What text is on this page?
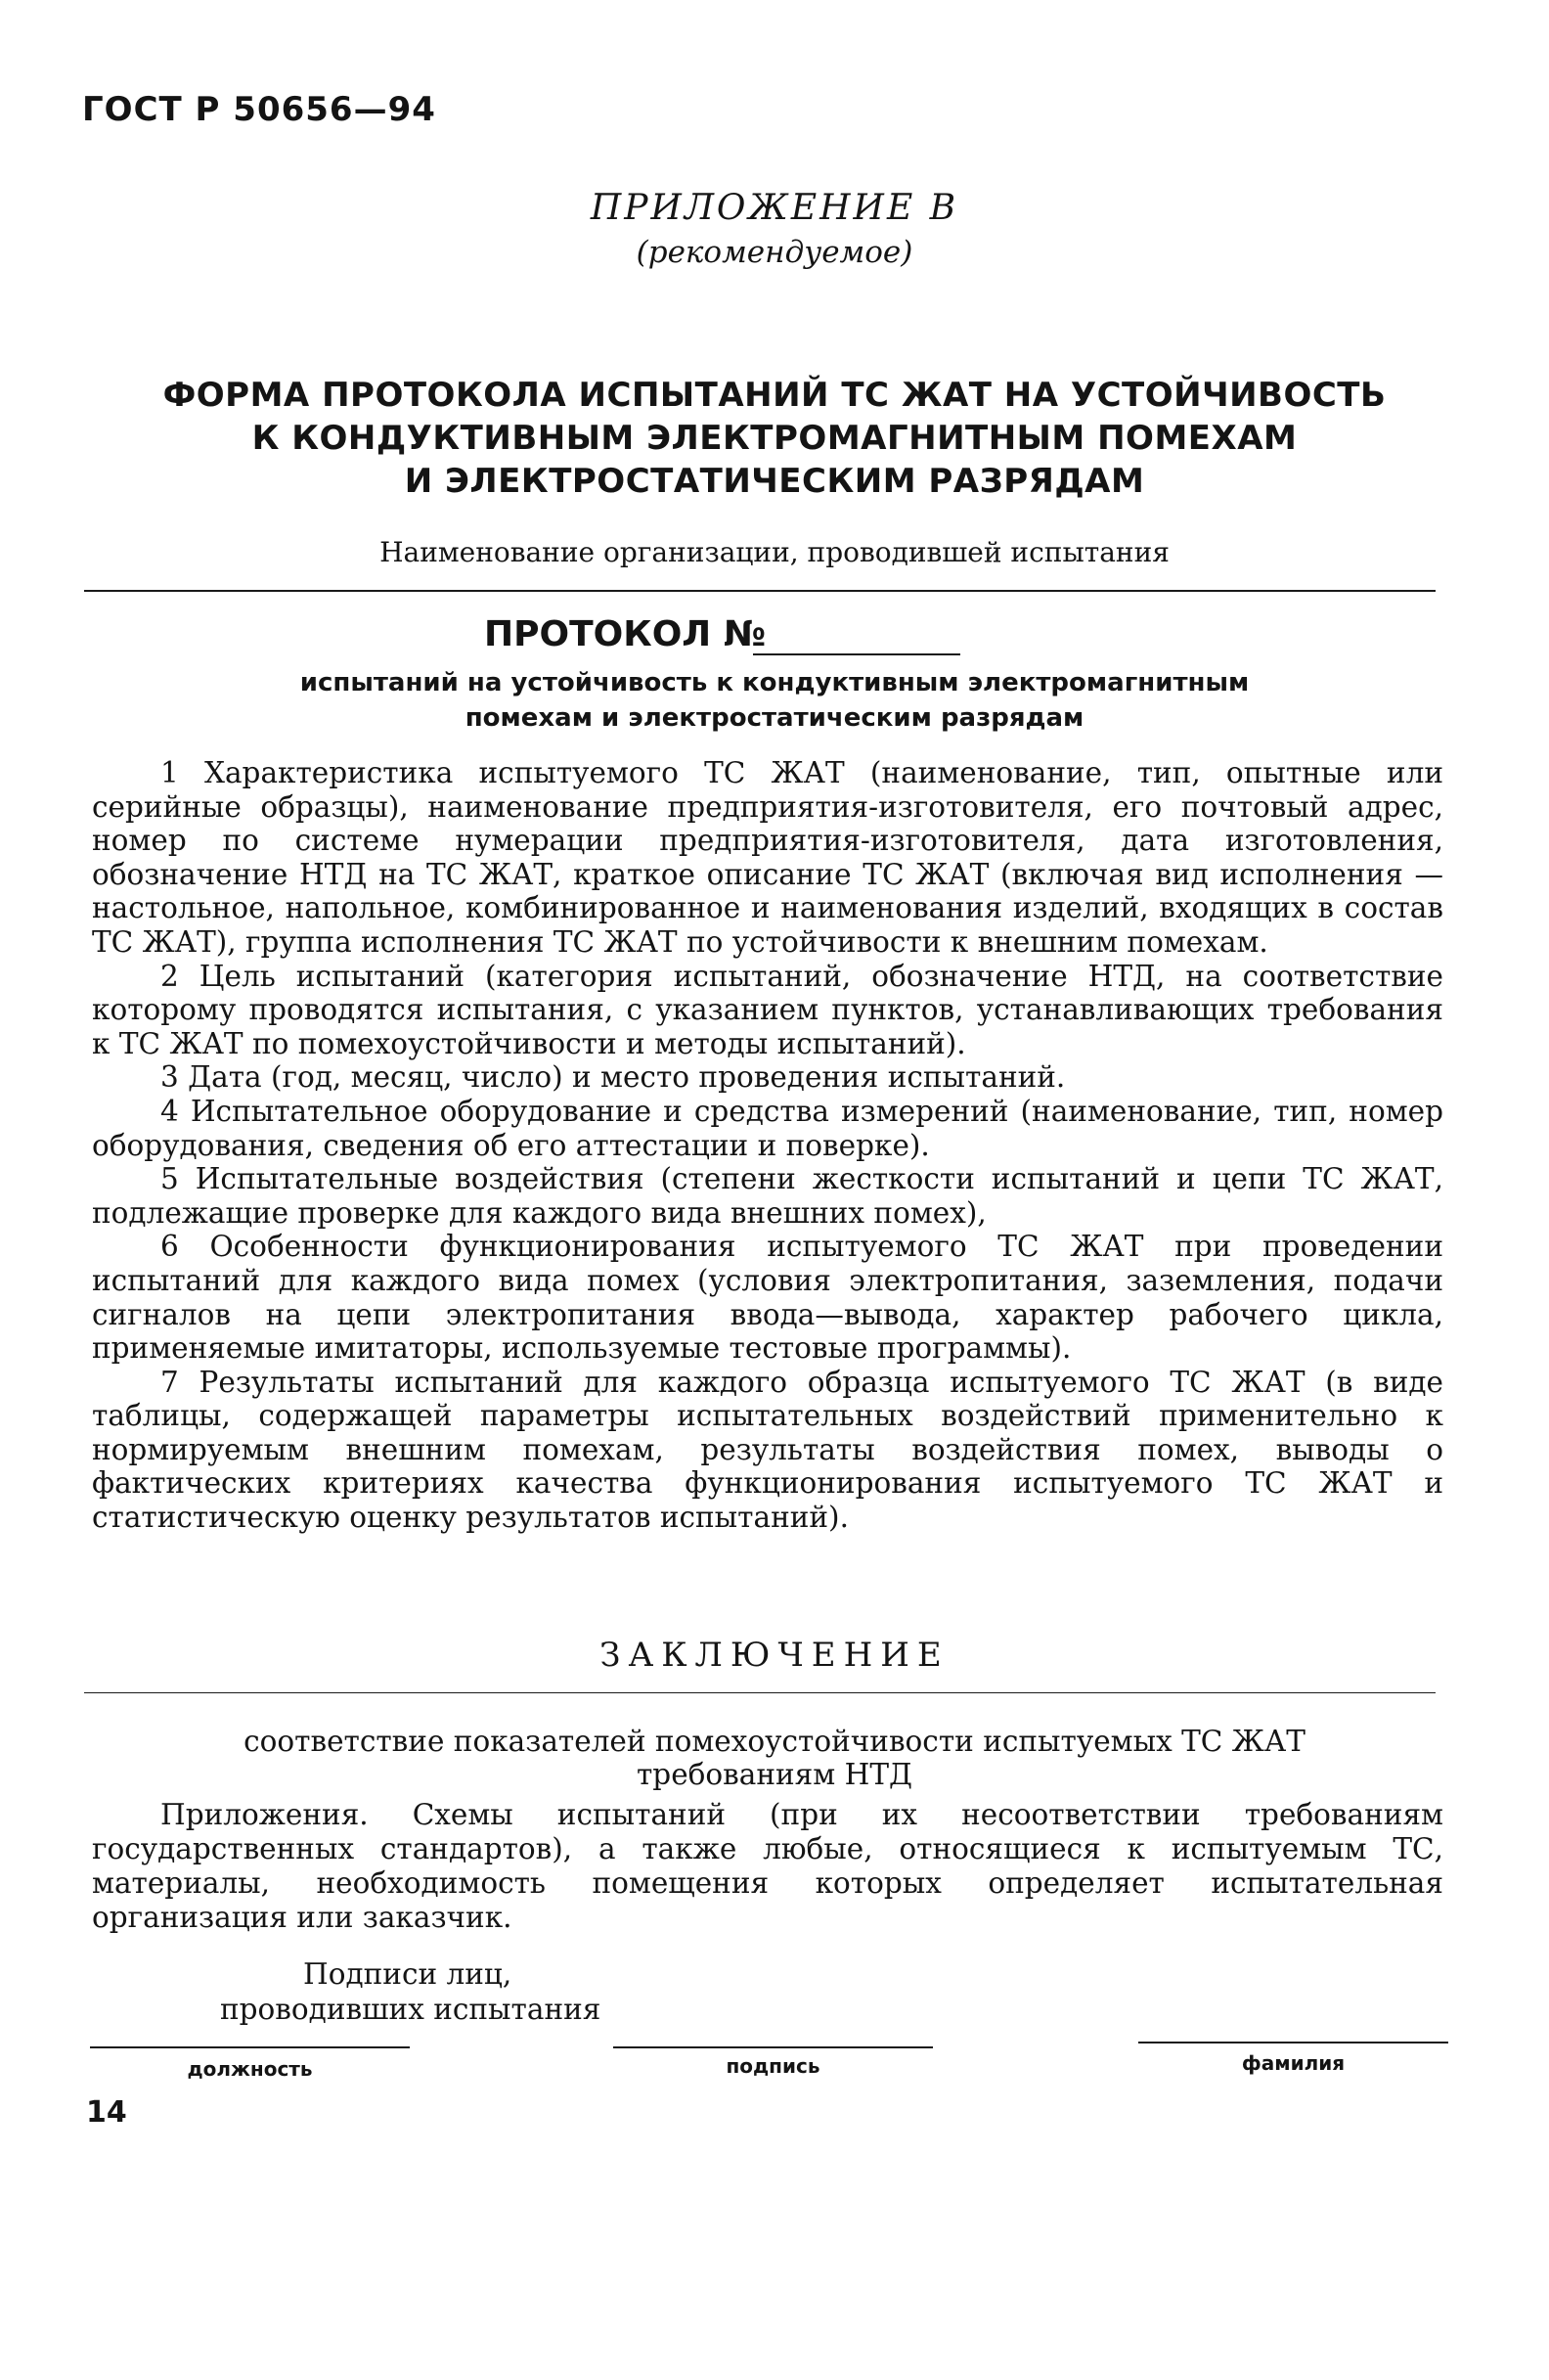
ГОСТ Р 50656—94
ПРИЛОЖЕНИЕ В
(рекомендуемое)
ФОРМА ПРОТОКОЛА ИСПЫТАНИЙ ТС ЖАТ НА УСТОЙЧИВОСТЬ
К КОНДУКТИВНЫМ ЭЛЕКТРОМАГНИТНЫМ ПОМЕХАМ
И ЭЛЕКТРОСТАТИЧЕСКИМ РАЗРЯДАМ
Наименование организации, проводившей испытания
ПРОТОКОЛ №
испытаний на устойчивость к кондуктивным электромагнитным
помехам и электростатическим разрядам

1 Характеристика испытуемого ТС ЖАТ (наименование, тип, опытные или серийные образцы), наименование предприятия-изготовителя, его почтовый адрес, номер по системе нумерации предприятия-изготовителя, дата изготовления, обозначение НТД на ТС ЖАТ, краткое описание ТС ЖАТ (включая вид исполнения — настольное, напольное, комбинированное и наименования изделий, входящих в состав ТС ЖАТ), группа исполнения ТС ЖАТ по устойчивости к внешним помехам.

2 Цель испытаний (категория испытаний, обозначение НТД, на соответствие которому проводятся испытания, с указанием пунктов, устанавливающих требования к ТС ЖАТ по помехоустойчивости и методы испытаний).

3 Дата (год, месяц, число) и место проведения испытаний.

4 Испытательное оборудование и средства измерений (наименование, тип, номер оборудования, сведения об его аттестации и поверке).

5 Испытательные воздействия (степени жесткости испытаний и цепи ТС ЖАТ, подлежащие проверке для каждого вида внешних помех),

6 Особенности функционирования испытуемого ТС ЖАТ при проведении испытаний для каждого вида помех (условия электропитания, заземления, подачи сигналов на цепи электропитания ввода—вывода, характер рабочего цикла, применяемые имитаторы, используемые тестовые программы).

7 Результаты испытаний для каждого образца испытуемого ТС ЖАТ (в виде таблицы, содержащей параметры испытательных воздействий применительно к нормируемым внешним помехам, результаты воздействия помех, выводы о фактических критериях качества функционирования испытуемого ТС ЖАТ и статистическую оценку результатов испытаний).

ЗАКЛЮЧЕНИЕ
соответствие показателей помехоустойчивости испытуемых ТС ЖАТ
требованиям НТД
Приложения. Схемы испытаний (при их несоответствии требованиям государственных стандартов), а также любые, относящиеся к испытуемым ТС, материалы, необходимость помещения которых определяет испытательная организация или заказчик.
Подписи лиц,
проводивших испытания
должность	подпись	фамилия
14
